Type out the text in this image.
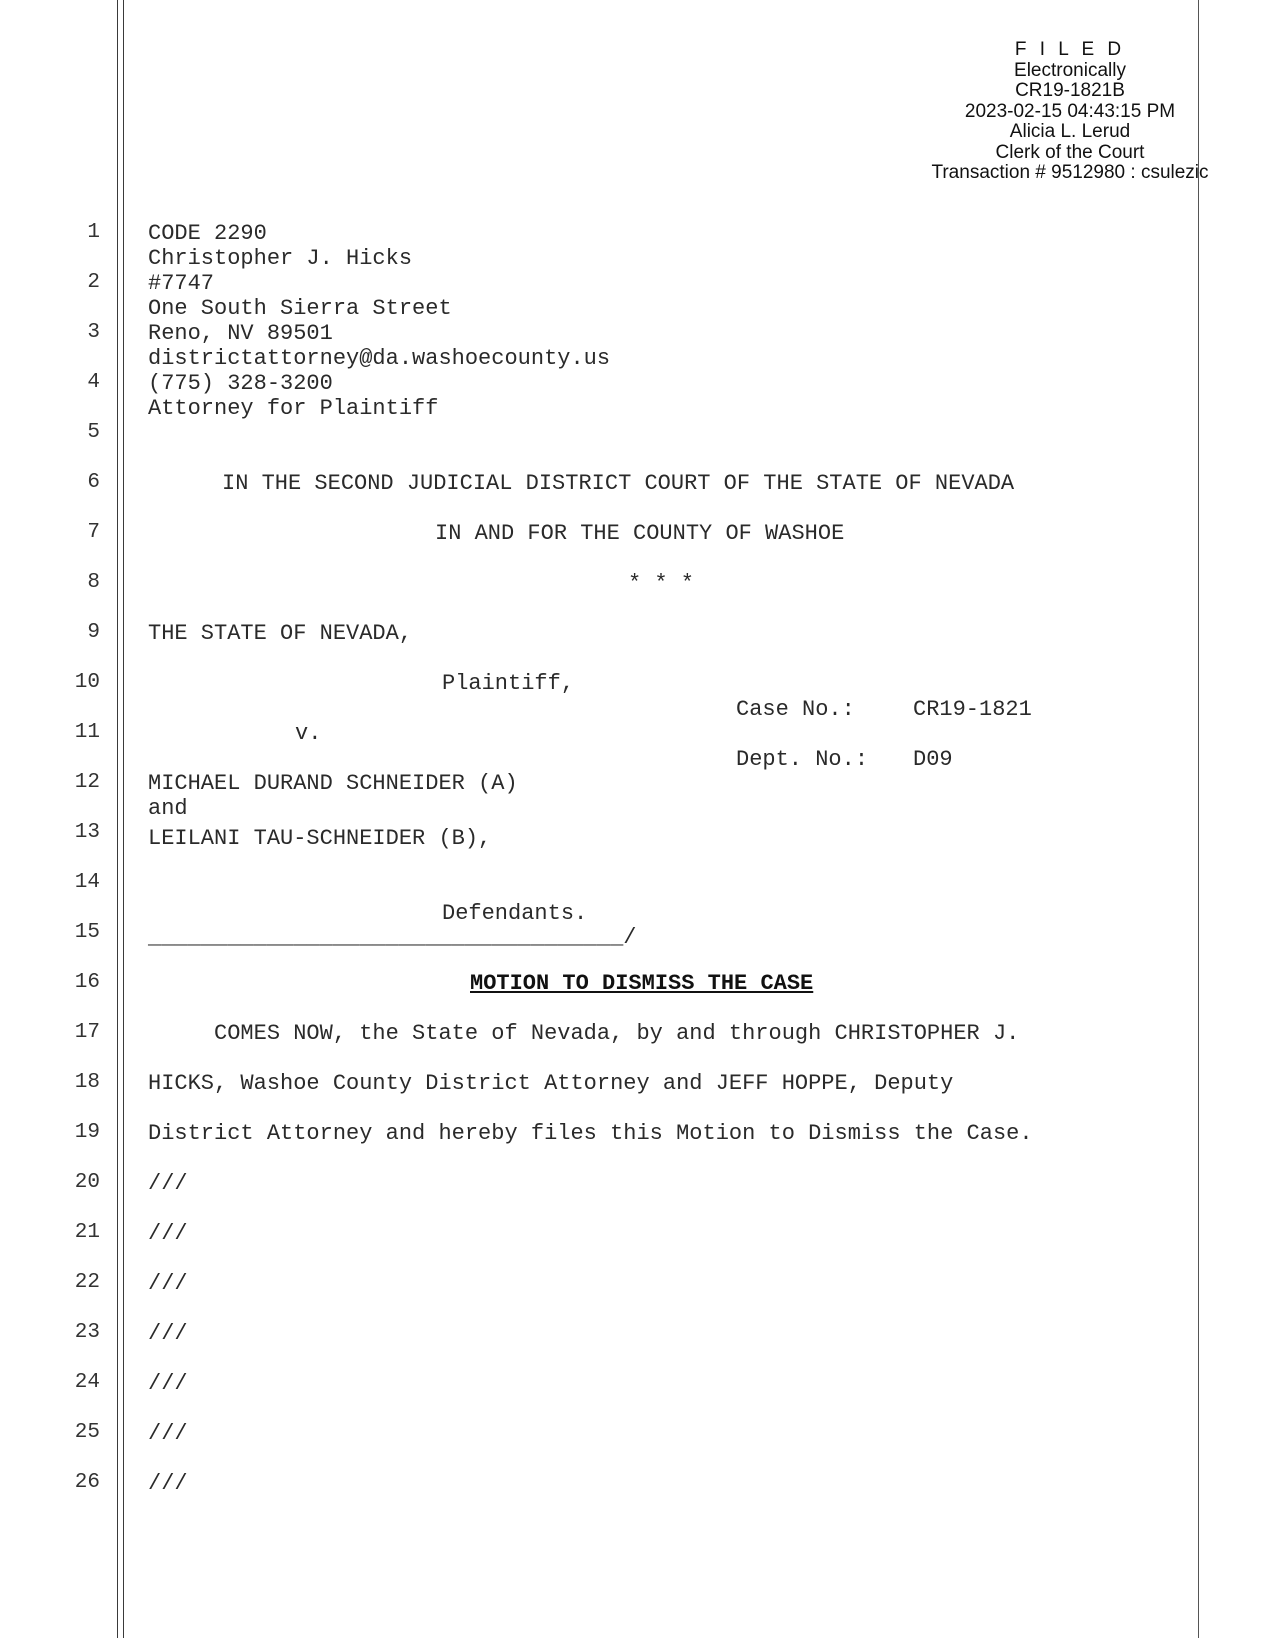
F I L E D
Electronically
CR19-1821B
2023-02-15 04:43:15 PM
Alicia L. Lerud
Clerk of the Court
Transaction # 9512980 : csulezic
1
2
3
4
5
6
7
8
9
10
11
12
13
14
15
16
17
18
19
20
21
22
23
24
25
26
CODE 2290
Christopher J. Hicks
#7747
One South Sierra Street
Reno, NV 89501
districtattorney@da.washoecounty.us
(775) 328-3200
Attorney for Plaintiff
IN THE SECOND JUDICIAL DISTRICT COURT OF THE STATE OF NEVADA
IN AND FOR THE COUNTY OF WASHOE
* * *
THE STATE OF NEVADA,
Plaintiff,
v.
MICHAEL DURAND SCHNEIDER (A)
and
LEILANI TAU-SCHNEIDER (B),
Defendants.
____________________________________/
Case No.:	CR19-1821
Dept. No.: D09
MOTION TO DISMISS THE CASE
COMES NOW, the State of Nevada, by and through CHRISTOPHER J.
HICKS, Washoe County District Attorney and JEFF HOPPE, Deputy
District Attorney and hereby files this Motion to Dismiss the Case.
///
///
///
///
///
///
///
